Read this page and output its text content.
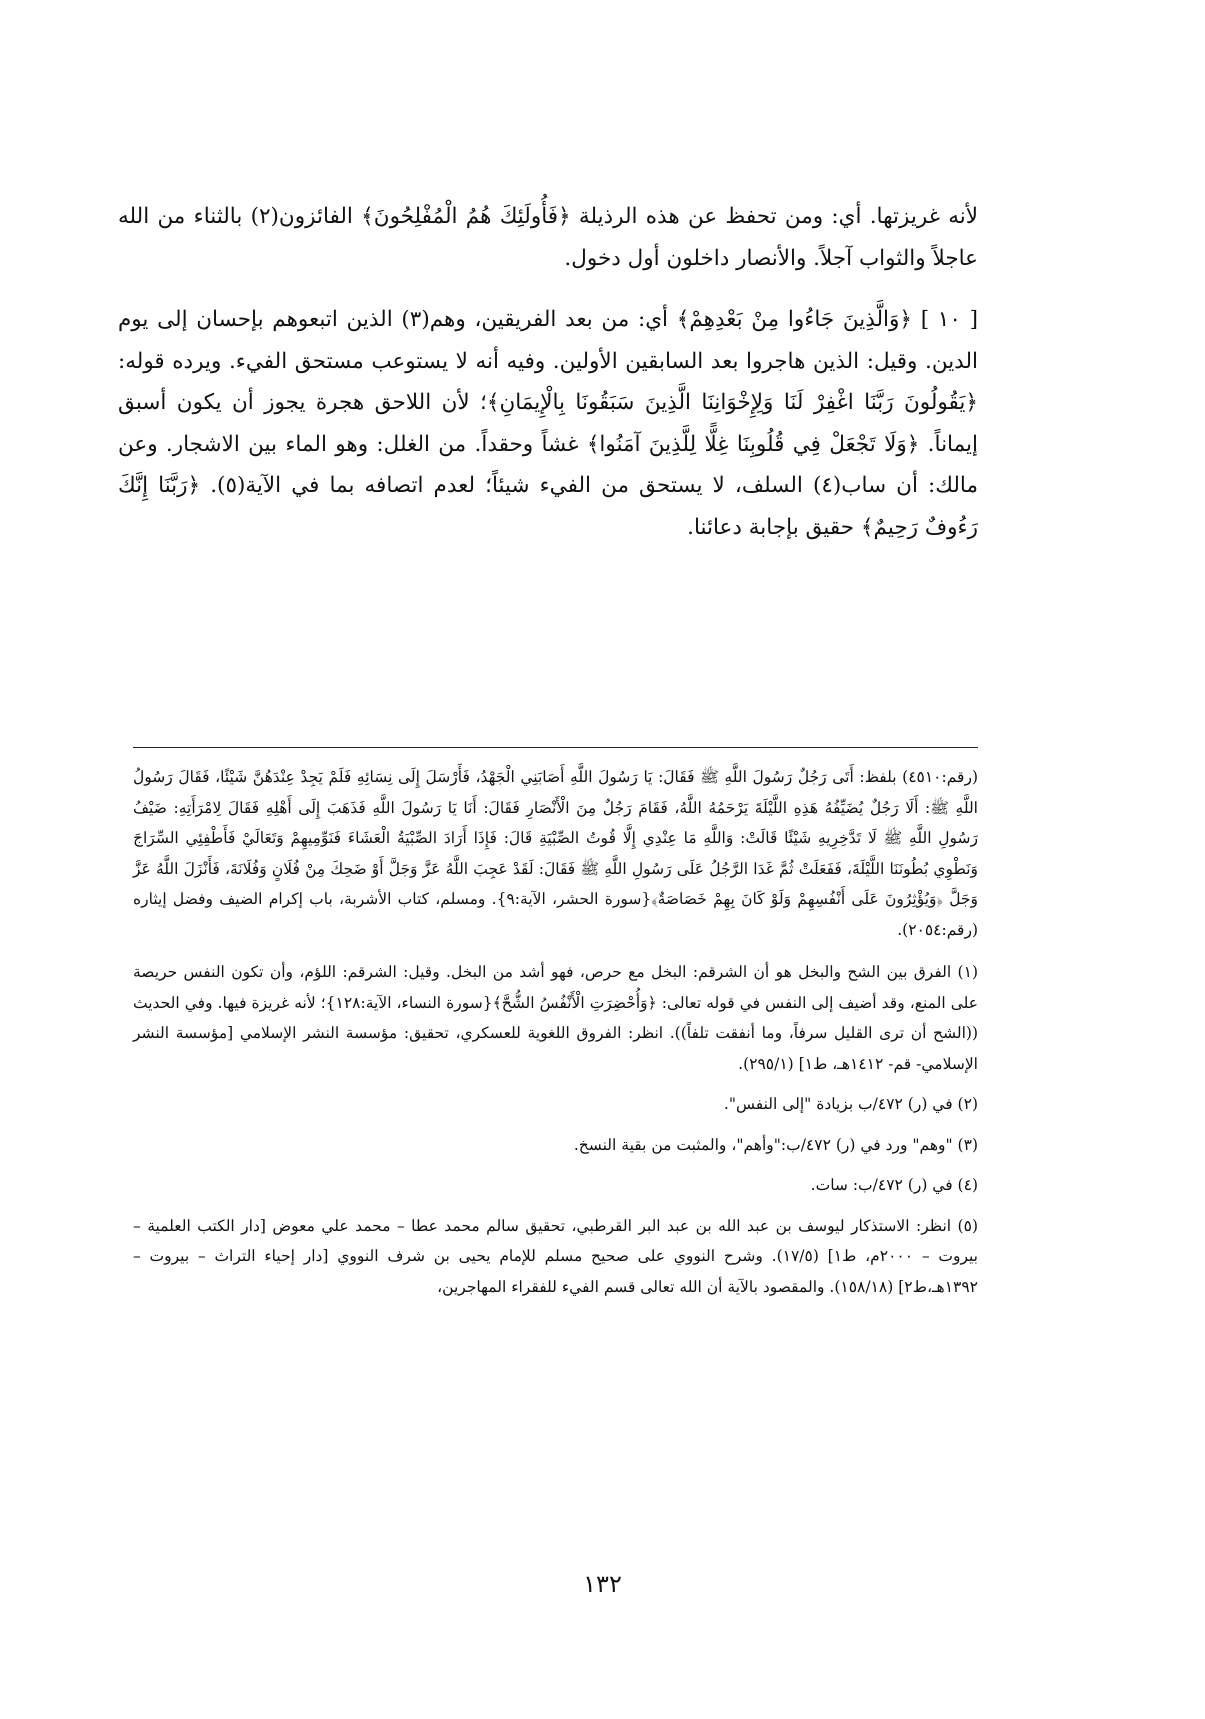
لأنه غريزتها. أي: ومن تحفظ عن هذه الرذيلة ﴿فَأُولَئِكَ هُمُ الْمُفْلِحُونَ﴾ الفائزون(٢) بالثناء من الله عاجلاً والثواب آجلاً. والأنصار داخلون أول دخول.

[ ١٠ ] ﴿وَالَّذِينَ جَاءُوا مِنْ بَعْدِهِمْ﴾ أي: من بعد الفريقين، وهم(٣) الذين اتبعوهم بإحسان إلى يوم الدين. وقيل: الذين هاجروا بعد السابقين الأولين. وفيه أنه لا يستوعب مستحق الفيء. ويرده قوله: ﴿يَقُولُونَ رَبَّنَا اغْفِرْ لَنَا وَلِإِخْوَانِنَا الَّذِينَ سَبَقُونَا بِالْإِيمَانِ﴾؛ لأن اللاحق هجرة يجوز أن يكون أسبق إيماناً. ﴿وَلَا تَجْعَلْ فِي قُلُوبِنَا غِلًّا لِلَّذِينَ آمَنُوا﴾ غشاً وحقداً. من الغلل: وهو الماء بين الاشجار. وعن مالك: أن ساب(٤) السلف، لا يستحق من الفيء شيئاً؛ لعدم اتصافه بما في الآية(٥). ﴿رَبَّنَا إِنَّكَ رَءُوفٌ رَحِيمٌ﴾ حقيق بإجابة دعائنا.

(رقم:٤٥١٠) بلفظ: أَتَى رَجُلٌ رَسُولَ اللَّهِ ﷺ فَقَالَ: يَا رَسُولَ اللَّهِ أَصَابَنِي الْجَهْدُ، فَأَرْسَلَ إِلَى نِسَائِهِ فَلَمْ يَجِدْ عِنْدَهُنَّ شَيْئًا، فَقَالَ رَسُولُ اللَّهِ ﷺ: أَلَا رَجُلٌ يُضَيِّفُهُ هَذِهِ اللَّيْلَةَ يَرْحَمُهُ اللَّهُ، فَقَامَ رَجُلٌ مِنَ الْأَنْصَارِ فَقَالَ: أَنَا يَا رَسُولَ اللَّهِ فَذَهَبَ إِلَى أَهْلِهِ فَقَالَ لِامْرَأَتِهِ: ضَيْفُ رَسُولِ اللَّهِ ﷺ لَا تَدَّخِرِيهِ شَيْئًا قَالَتْ: وَاللَّهِ مَا عِنْدِي إِلَّا قُوتُ الصِّبْيَةِ قَالَ: فَإِذَا أَرَادَ الصِّبْيَةُ الْعَشَاءَ فَنَوِّمِيهِمْ وَتَعَالَيْ فَأَطْفِئِي السِّرَاجَ وَنَطْوِي بُطُونَنَا اللَّيْلَةَ، فَفَعَلَتْ ثُمَّ غَدَا الرَّجُلُ عَلَى رَسُولِ اللَّهِ ﷺ فَقَالَ: لَقَدْ عَجِبَ اللَّهُ عَزَّ وَجَلَّ أَوْ ضَحِكَ مِنْ فُلَانٍ وَفُلَانَةَ، فَأَنْزَلَ اللَّهُ عَزَّ وَجَلَّ ﴿وَيُؤْثِرُونَ عَلَى أَنْفُسِهِمْ وَلَوْ كَانَ بِهِمْ خَصَاصَةٌ﴾{سورة الحشر، الآية:٩}. ومسلم، كتاب الأشربة، باب إكرام الضيف وفضل إيثاره (رقم:٢٠٥٤).

(١) الفرق بين الشح والبخل هو أن الشرقم: البخل مع حرص، فهو أشد من البخل. وقيل: الشرقم: اللؤم، وأن تكون النفس حريصة على المنع، وقد أضيف إلى النفس في قوله تعالى: ﴿وَأُحْضِرَتِ الْأَنْفُسُ الشُّحَّ﴾{سورة النساء، الآية:١٢٨}؛ لأنه غريزة فيها. وفي الحديث ((الشح أن ترى القليل سرفاً، وما أنفقت تلفاً)). انظر: الفروق اللغوية للعسكري، تحقيق: مؤسسة النشر الإسلامي [مؤسسة النشر الإسلامي- قم- ١٤١٢هـ، ط١] (٢٩٥/١).

(٢) في (ر) ٤٧٢/ب بزيادة "إلى النفس".

(٣) "وهم" ورد في (ر) ٤٧٢/ب:"وأهم"، والمثبت من بقية النسخ.

(٤) في (ر) ٤٧٢/ب: سات.

(٥) انظر: الاستذكار ليوسف بن عبد الله بن عبد البر القرطبي، تحقيق سالم محمد عطا – محمد علي معوض [دار الكتب العلمية – بيروت – ٢٠٠٠م، ط١] (١٧/٥). وشرح النووي على صحيح مسلم للإمام يحيى بن شرف النووي [دار إحياء التراث – بيروت – ١٣٩٢هـ،ط٢] (١٥٨/١٨). والمقصود بالآية أن الله تعالى قسم الفيء للفقراء المهاجرين،

١٣٢
